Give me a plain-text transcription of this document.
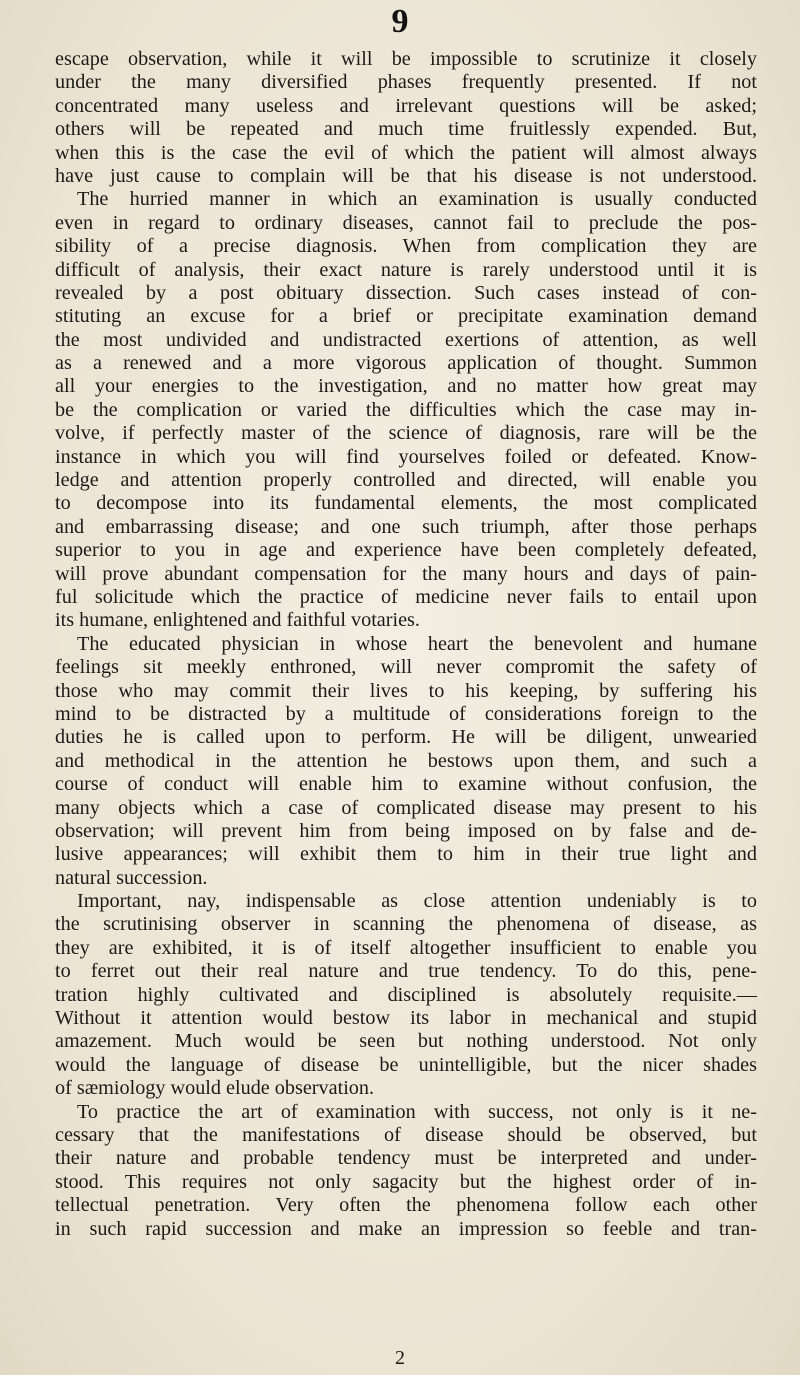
9
escape observation, while it will be impossible to scrutinize it closely
under the many diversified phases frequently presented. If not
concentrated many useless and irrelevant questions will be asked;
others will be repeated and much time fruitlessly expended. But,
when this is the case the evil of which the patient will almost always
have just cause to complain will be that his disease is not understood.
The hurried manner in which an examination is usually conducted
even in regard to ordinary diseases, cannot fail to preclude the pos-
sibility of a precise diagnosis. When from complication they are
difficult of analysis, their exact nature is rarely understood until it is
revealed by a post obituary dissection. Such cases instead of con-
stituting an excuse for a brief or precipitate examination demand
the most undivided and undistracted exertions of attention, as well
as a renewed and a more vigorous application of thought. Summon
all your energies to the investigation, and no matter how great may
be the complication or varied the difficulties which the case may in-
volve, if perfectly master of the science of diagnosis, rare will be the
instance in which you will find yourselves foiled or defeated. Know-
ledge and attention properly controlled and directed, will enable you
to decompose into its fundamental elements, the most complicated
and embarrassing disease; and one such triumph, after those perhaps
superior to you in age and experience have been completely defeated,
will prove abundant compensation for the many hours and days of pain-
ful solicitude which the practice of medicine never fails to entail upon
its humane, enlightened and faithful votaries.
The educated physician in whose heart the benevolent and humane
feelings sit meekly enthroned, will never compromit the safety of
those who may commit their lives to his keeping, by suffering his
mind to be distracted by a multitude of considerations foreign to the
duties he is called upon to perform. He will be diligent, unwearied
and methodical in the attention he bestows upon them, and such a
course of conduct will enable him to examine without confusion, the
many objects which a case of complicated disease may present to his
observation; will prevent him from being imposed on by false and de-
lusive appearances; will exhibit them to him in their true light and
natural succession.
Important, nay, indispensable as close attention undeniably is to
the scrutinising observer in scanning the phenomena of disease, as
they are exhibited, it is of itself altogether insufficient to enable you
to ferret out their real nature and true tendency. To do this, pene-
tration highly cultivated and disciplined is absolutely requisite.—
Without it attention would bestow its labor in mechanical and stupid
amazement. Much would be seen but nothing understood. Not only
would the language of disease be unintelligible, but the nicer shades
of sæmiology would elude observation.
To practice the art of examination with success, not only is it ne-
cessary that the manifestations of disease should be observed, but
their nature and probable tendency must be interpreted and under-
stood. This requires not only sagacity but the highest order of in-
tellectual penetration. Very often the phenomena follow each other
in such rapid succession and make an impression so feeble and tran-
2
